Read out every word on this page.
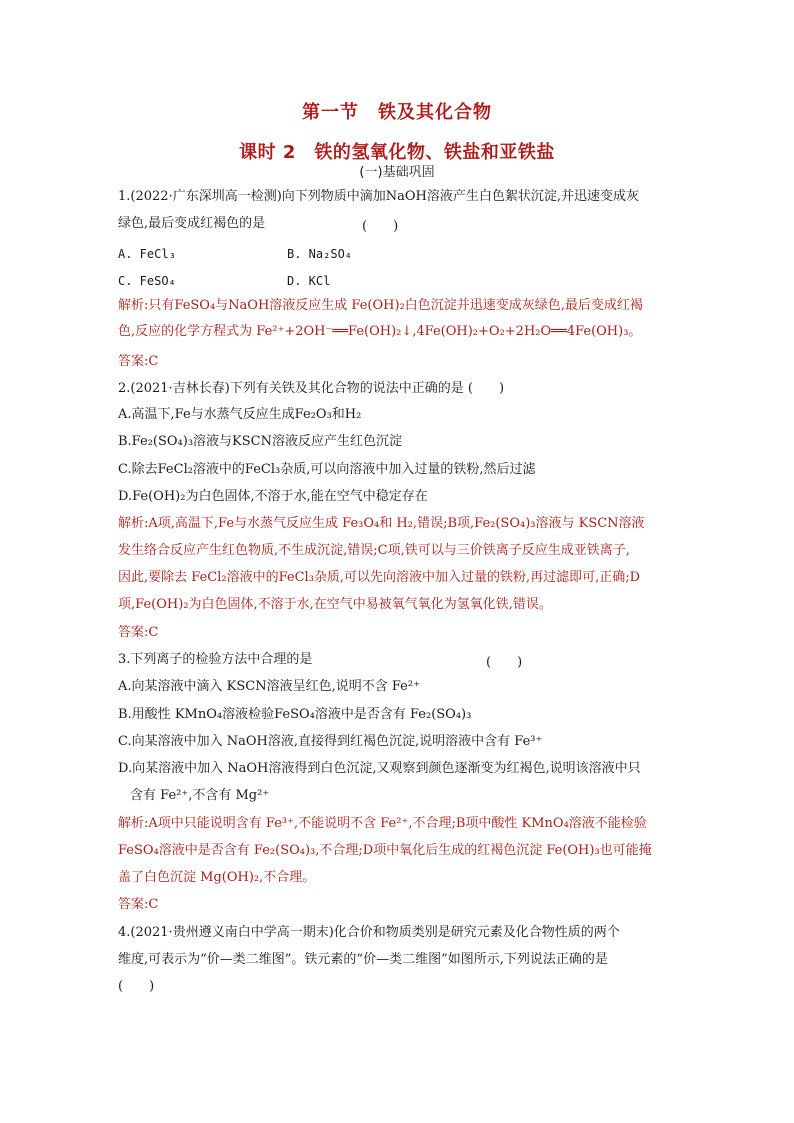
第一节　铁及其化合物
课时 2　铁的氢氧化物、铁盐和亚铁盐
(一)基础巩固
1.(2022·广东深圳高一检测)向下列物质中滴加NaOH溶液产生白色絮状沉淀,并迅速变成灰
绿色,最后变成红褐色的是	(　　)
A. FeCl₃	B. Na₂SO₄
C. FeSO₄	D. KCl
解析:只有FeSO₄与NaOH溶液反应生成 Fe(OH)₂白色沉淀并迅速变成灰绿色,最后变成红褐
色,反应的化学方程式为 Fe²⁺+2OH⁻══Fe(OH)₂↓,4Fe(OH)₂+O₂+2H₂O══4Fe(OH)₃。
答案:C
2.(2021·吉林长春)下列有关铁及其化合物的说法中正确的是 (　　)
A.高温下,Fe与水蒸气反应生成Fe₂O₃和H₂
B.Fe₂(SO₄)₃溶液与KSCN溶液反应产生红色沉淀
C.除去FeCl₂溶液中的FeCl₃杂质,可以向溶液中加入过量的铁粉,然后过滤
D.Fe(OH)₂为白色固体,不溶于水,能在空气中稳定存在
解析:A项,高温下,Fe与水蒸气反应生成 Fe₃O₄和 H₂,错误;B项,Fe₂(SO₄)₃溶液与 KSCN溶液
发生络合反应产生红色物质,不生成沉淀,错误;C项,铁可以与三价铁离子反应生成亚铁离子,
因此,要除去 FeCl₂溶液中的FeCl₃杂质,可以先向溶液中加入过量的铁粉,再过滤即可,正确;D
项,Fe(OH)₂为白色固体,不溶于水,在空气中易被氧气氧化为氢氧化铁,错误。
答案:C
3.下列离子的检验方法中合理的是	(　　)
A.向某溶液中滴入 KSCN溶液呈红色,说明不含 Fe²⁺
B.用酸性 KMnO₄溶液检验FeSO₄溶液中是否含有 Fe₂(SO₄)₃
C.向某溶液中加入 NaOH溶液,直接得到红褐色沉淀,说明溶液中含有 Fe³⁺
D.向某溶液中加入 NaOH溶液得到白色沉淀,又观察到颜色逐渐变为红褐色,说明该溶液中只
含有 Fe²⁺,不含有 Mg²⁺
解析:A项中只能说明含有 Fe³⁺,不能说明不含 Fe²⁺,不合理;B项中酸性 KMnO₄溶液不能检验
FeSO₄溶液中是否含有 Fe₂(SO₄)₃,不合理;D项中氧化后生成的红褐色沉淀 Fe(OH)₃也可能掩
盖了白色沉淀 Mg(OH)₂,不合理。
答案:C
4.(2021·贵州遵义南白中学高一期末)化合价和物质类别是研究元素及化合物性质的两个
维度,可表示为“价—类二维图”。铁元素的“价—类二维图”如图所示,下列说法正确的是
(　　)
